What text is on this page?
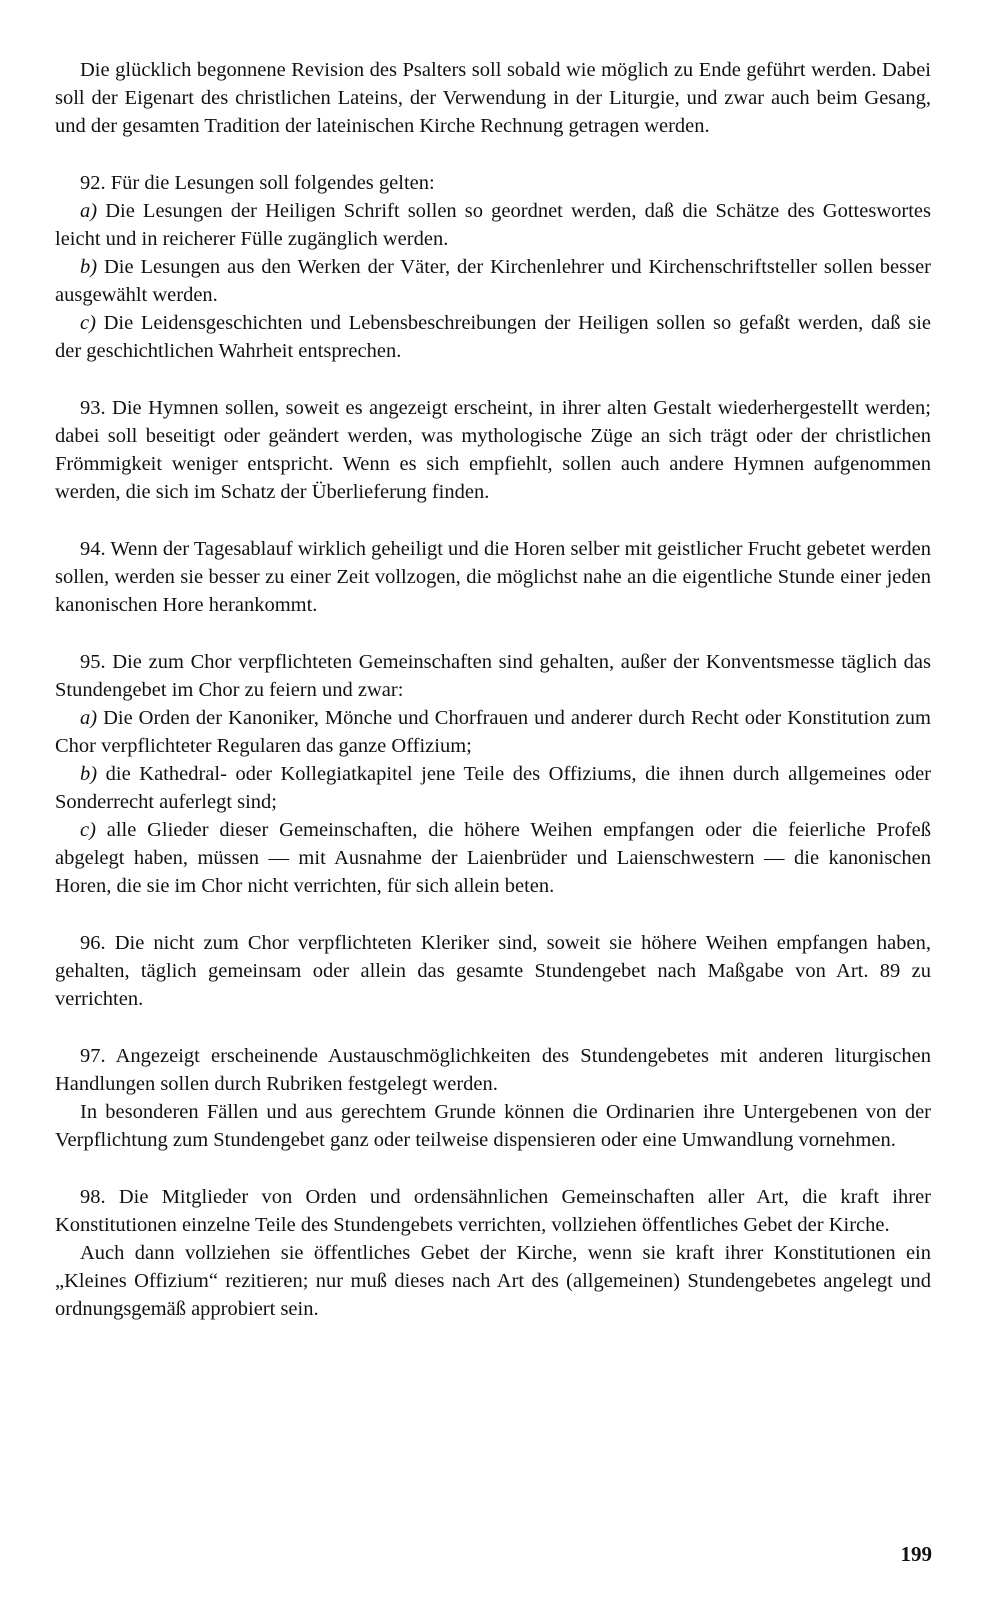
Die glücklich begonnene Revision des Psalters soll sobald wie möglich zu Ende geführt werden. Dabei soll der Eigenart des christlichen Lateins, der Verwendung in der Liturgie, und zwar auch beim Gesang, und der gesamten Tradition der lateinischen Kirche Rechnung getragen werden.

92. Für die Lesungen soll folgendes gelten:

a) Die Lesungen der Heiligen Schrift sollen so geordnet werden, daß die Schätze des Gotteswortes leicht und in reicherer Fülle zugänglich werden.

b) Die Lesungen aus den Werken der Väter, der Kirchenlehrer und Kirchenschriftsteller sollen besser ausgewählt werden.

c) Die Leidensgeschichten und Lebensbeschreibungen der Heiligen sollen so gefaßt werden, daß sie der geschichtlichen Wahrheit entsprechen.

93. Die Hymnen sollen, soweit es angezeigt erscheint, in ihrer alten Gestalt wiederhergestellt werden; dabei soll beseitigt oder geändert werden, was mythologische Züge an sich trägt oder der christlichen Frömmigkeit weniger entspricht. Wenn es sich empfiehlt, sollen auch andere Hymnen aufgenommen werden, die sich im Schatz der Überlieferung finden.

94. Wenn der Tagesablauf wirklich geheiligt und die Horen selber mit geistlicher Frucht gebetet werden sollen, werden sie besser zu einer Zeit vollzogen, die möglichst nahe an die eigentliche Stunde einer jeden kanonischen Hore herankommt.

95. Die zum Chor verpflichteten Gemeinschaften sind gehalten, außer der Konventsmesse täglich das Stundengebet im Chor zu feiern und zwar:

a) Die Orden der Kanoniker, Mönche und Chorfrauen und anderer durch Recht oder Konstitution zum Chor verpflichteter Regularen das ganze Offizium;

b) die Kathedral- oder Kollegiatkapitel jene Teile des Offiziums, die ihnen durch allgemeines oder Sonderrecht auferlegt sind;

c) alle Glieder dieser Gemeinschaften, die höhere Weihen empfangen oder die feierliche Profeß abgelegt haben, müssen — mit Ausnahme der Laienbrüder und Laienschwestern — die kanonischen Horen, die sie im Chor nicht verrichten, für sich allein beten.

96. Die nicht zum Chor verpflichteten Kleriker sind, soweit sie höhere Weihen empfangen haben, gehalten, täglich gemeinsam oder allein das gesamte Stundengebet nach Maßgabe von Art. 89 zu verrichten.

97. Angezeigt erscheinende Austauschmöglichkeiten des Stundengebetes mit anderen liturgischen Handlungen sollen durch Rubriken festgelegt werden.

In besonderen Fällen und aus gerechtem Grunde können die Ordinarien ihre Untergebenen von der Verpflichtung zum Stundengebet ganz oder teilweise dispensieren oder eine Umwandlung vornehmen.

98. Die Mitglieder von Orden und ordensähnlichen Gemeinschaften aller Art, die kraft ihrer Konstitutionen einzelne Teile des Stundengebets verrichten, vollziehen öffentliches Gebet der Kirche.

Auch dann vollziehen sie öffentliches Gebet der Kirche, wenn sie kraft ihrer Konstitutionen ein „Kleines Offizium“ rezitieren; nur muß dieses nach Art des (allgemeinen) Stundengebetes angelegt und ordnungsgemäß approbiert sein.

199
